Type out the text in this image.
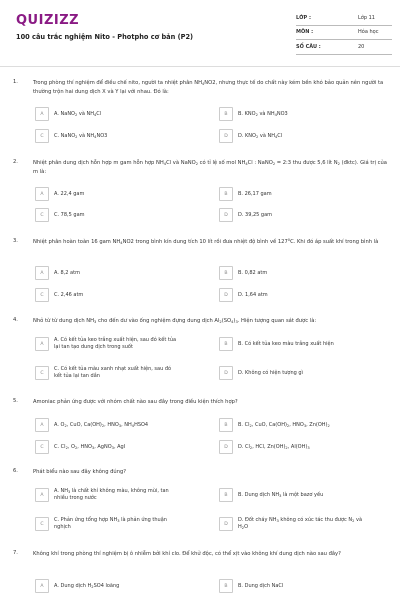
QUIZIZZ
100 câu trắc nghiệm Nito - Photpho cơ bản (P2)
LỚP :	Lớp 11
MÔN :	Hóa học
SỐ CÂU :	20
1.	Trong phòng thí nghiệm để điều chế nito, người ta nhiệt phân $NH_4NO2$, nhưng thực tế do chất này kém bền khó bảo quản nên người ta thường trộn hai dung dịch X và Y lại với nhau. Đó là:
A	A. NaNO$_2$ và $NH_4Cl$	B	B. $KNO_2$ và $NH_4NO3$
C	C. NaNO$_2$ và $NH_4NO3$	D	D. $KNO_2$ và $NH_4Cl$
2.	Nhiệt phân dung dịch hỗn hợp m gam hỗn hợp $NH_4Cl$ và NaNO$_2$ có tỉ lệ số mol $NH_4Cl$ : NaNO$_2$ = 2:3 thu được 5,6 lít $N_2$ (đktc). Giá trị của m là:
A	A. 22,4 gam	B	B. 26,17 gam
C	C. 78,5 gam	D	D. 39,25 gam
3.	Nhiệt phân hoàn toàn 16 gam $NH_4NO2$ trong bình kín dung tích 10 lít rồi đưa nhiệt độ bình về $127^0C$. Khi đó áp suất khí trong bình là
A	A. 8,2 atm	B	B. 0,82 atm
C	C. 2,46 atm	D	D. 1,64 atm
4.	Nhỏ từ từ dung dịch $NH_3$ cho đến dư vào ống nghiệm đựng dung dịch $Al_2(SO_4)_3$. Hiện tượng quan sát được là:
A
A. Có kết tủa keo trắng xuất hiện, sau đó kết tủa lại tan tạo dung dịch trong suốt	B	B. Có kết tủa keo màu trắng xuất hiện
C
C. Có kết tủa màu xanh nhạt xuất hiện, sau đó kết tủa lại tan dần	D	D. Không có hiện tượng gì
5.	Amoniac phản ứng được với nhóm chất nào sau đây trong điều kiện thích hợp?
A	A. $O_2$, CuO, $Ca(OH)_2$, $HNO_3$, $NH_4HSO4$	B	B. $Cl_2$, CuO, $Ca(OH)_2$, $HNO_3$, $Zn(OH)_2$
C	C. $Cl_2$, $O_2$, $HNO_3$, AgNO$_3$, AgI	D	D. $Cl_2$, HCl, $Zn(OH)_2$, $Al(OH)_3$
6.	Phát biểu nào sau đây không đúng?
A
A. $NH_3$ là chất khí không màu, không mùi, tan nhiều trong nước	B	B. Dung dịch $NH_3$ là một bazơ yếu
C
C. Phản ứng tổng hợp $NH_3$ là phản ứng thuận nghịch	D
D. Đốt cháy $NH_3$ không có xúc tác thu được $N_2$ và $H_2O$
7.	Không khí trong phòng thí nghiệm bị ô nhiễm bởi khí clo. Để khử độc, có thể xịt vào không khí dung dịch nào sau đây?
A	A. Dung dịch $H_2SO4$ loãng	B	B. Dung dịch NaCl
